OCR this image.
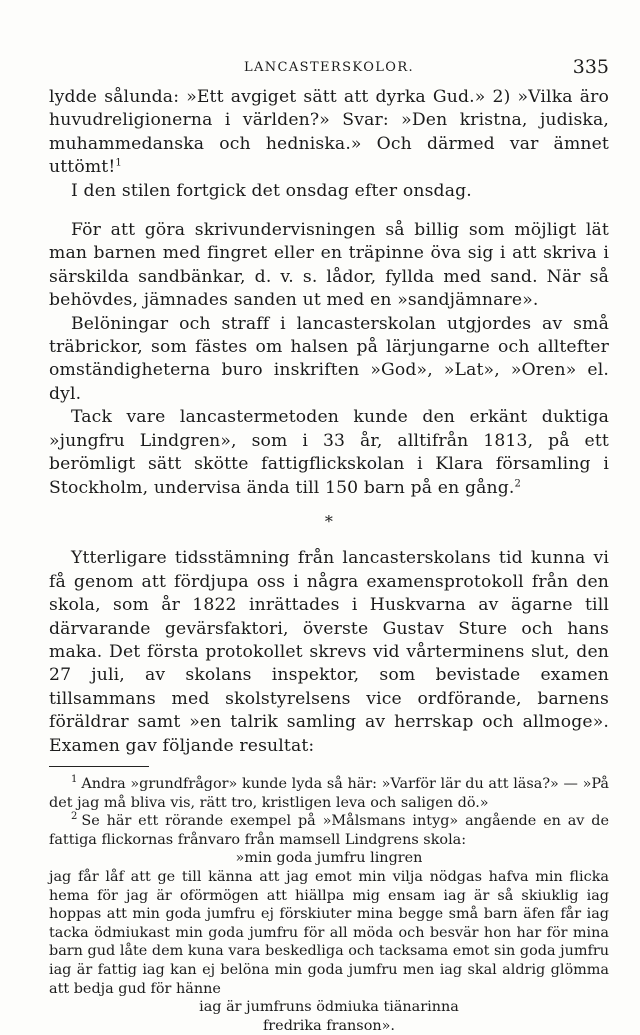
LANCASTERSKOLOR.	335

lydde sålunda: »Ett avgiget sätt att dyrka Gud.» 2) »Vilka äro huvudreligionerna i världen?» Svar: »Den kristna, judiska, muhammedanska och hedniska.» Och därmed var ämnet uttömt!$^1$

I den stilen fortgick det onsdag efter onsdag.

För att göra skrivundervisningen så billig som möjligt lät man barnen med fingret eller en träpinne öva sig i att skriva i särskilda sandbänkar, d. v. s. lådor, fyllda med sand. När så behövdes, jämnades sanden ut med en »sandjämnare».

Belöningar och straff i lancasterskolan utgjordes av små träbrickor, som fästes om halsen på lärjungarne och alltefter omständigheterna buro inskriften »God», »Lat», »Oren» el. dyl.

Tack vare lancastermetoden kunde den erkänt duktiga »jungfru Lindgren», som i 33 år, alltifrån 1813, på ett berömligt sätt skötte fattigflickskolan i Klara församling i Stockholm, undervisa ända till 150 barn på en gång.$^2$

*

Ytterligare tidsstämning från lancasterskolans tid kunna vi få genom att fördjupa oss i några examensprotokoll från den skola, som år 1822 inrättades i Huskvarna av ägarne till därvarande gevärsfaktori, överste Gustav Sture och hans maka. Det första protokollet skrevs vid vårterminens slut, den 27 juli, av skolans inspektor, som bevistade examen tillsammans med skolstyrelsens vice ordförande, barnens föräldrar samt »en talrik samling av herrskap och allmoge». Examen gav följande resultat:

$^1$ Andra »grundfrågor» kunde lyda så här: »Varför lär du att läsa?» — »På det jag må bliva vis, rätt tro, kristligen leva och saligen dö.»

$^2$ Se här ett rörande exempel på »Målsmans intyg» angående en av de fattiga flickornas frånvaro från mamsell Lindgrens skola:

»min goda jumfru lingren
jag får låf att ge till känna att jag emot min vilja nödgas hafva min flicka hema för jag är oförmögen att hiällpa mig ensam iag är så skiuklig iag hoppas att min goda jumfru ej förskiuter mina begge små barn äfen får iag tacka ödmiukast min goda jumfru för all möda och besvär hon har för mina barn gud låte dem kuna vara beskedliga och tacksama emot sin goda jumfru iag är fattig iag kan ej belöna min goda jumfru men iag skal aldrig glömma att bedja gud för hänne
iag är jumfruns ödmiuka tiänarinna
fredrika franson».
